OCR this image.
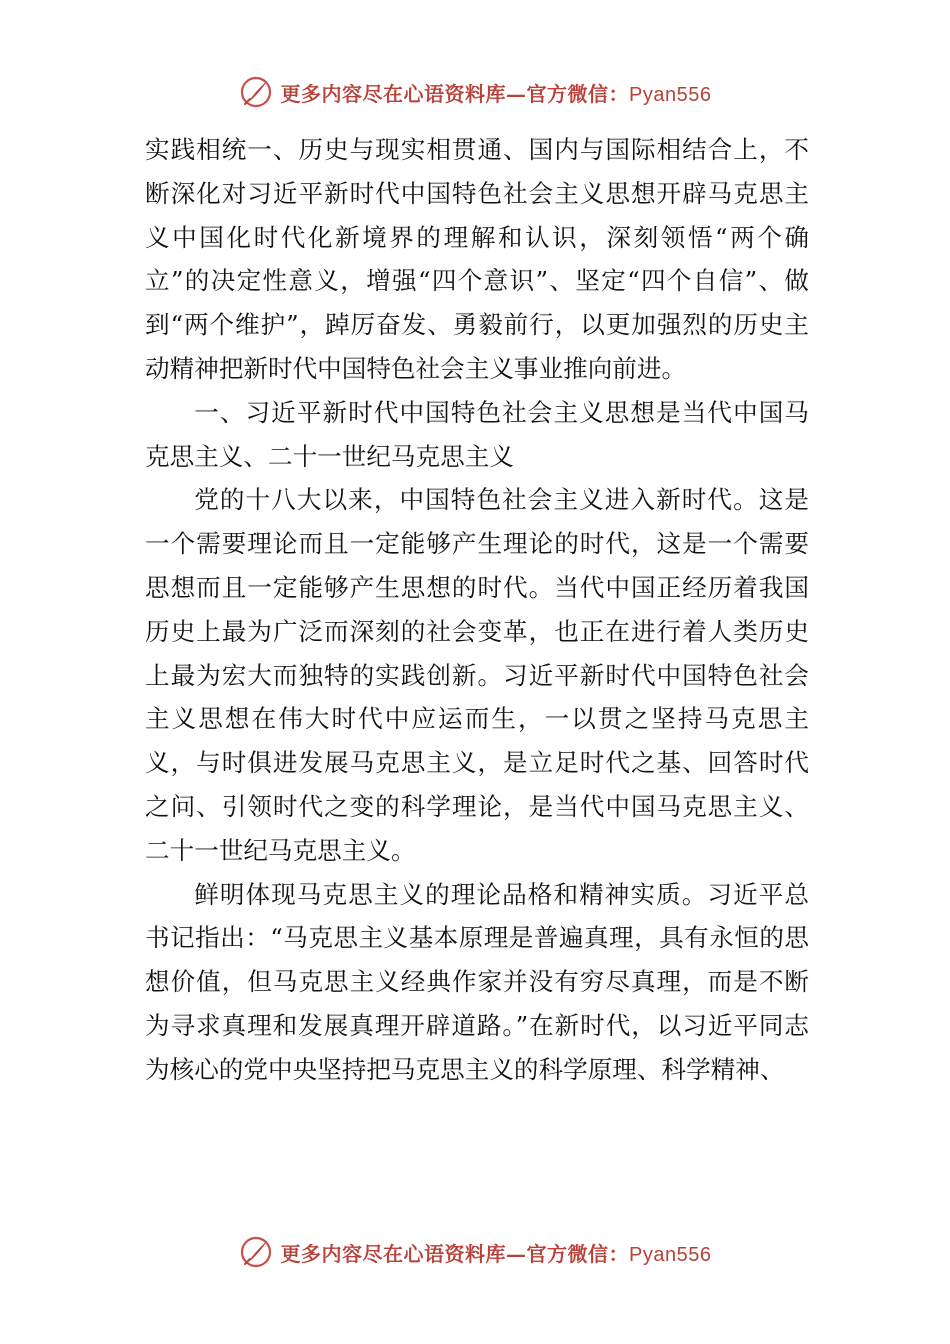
更多内容尽在心语资料库—官方微信：Pyan556

实践相统一、历史与现实相贯通、国内与国际相结合上，不断深化对习近平新时代中国特色社会主义思想开辟马克思主义中国化时代化新境界的理解和认识，深刻领悟“两个确立”的决定性意义，增强“四个意识”、坚定“四个自信”、做到“两个维护”，踔厉奋发、勇毅前行，以更加强烈的历史主动精神把新时代中国特色社会主义事业推向前进。

一、习近平新时代中国特色社会主义思想是当代中国马克思主义、二十一世纪马克思主义

党的十八大以来，中国特色社会主义进入新时代。这是一个需要理论而且一定能够产生理论的时代，这是一个需要思想而且一定能够产生思想的时代。当代中国正经历着我国历史上最为广泛而深刻的社会变革，也正在进行着人类历史上最为宏大而独特的实践创新。习近平新时代中国特色社会主义思想在伟大时代中应运而生，一以贯之坚持马克思主义，与时俱进发展马克思主义，是立足时代之基、回答时代之问、引领时代之变的科学理论，是当代中国马克思主义、二十一世纪马克思主义。

鲜明体现马克思主义的理论品格和精神实质。习近平总书记指出：“马克思主义基本原理是普遍真理，具有永恒的思想价值，但马克思主义经典作家并没有穷尽真理，而是不断为寻求真理和发展真理开辟道路。”在新时代，以习近平同志为核心的党中央坚持把马克思主义的科学原理、科学精神、

更多内容尽在心语资料库—官方微信：Pyan556
